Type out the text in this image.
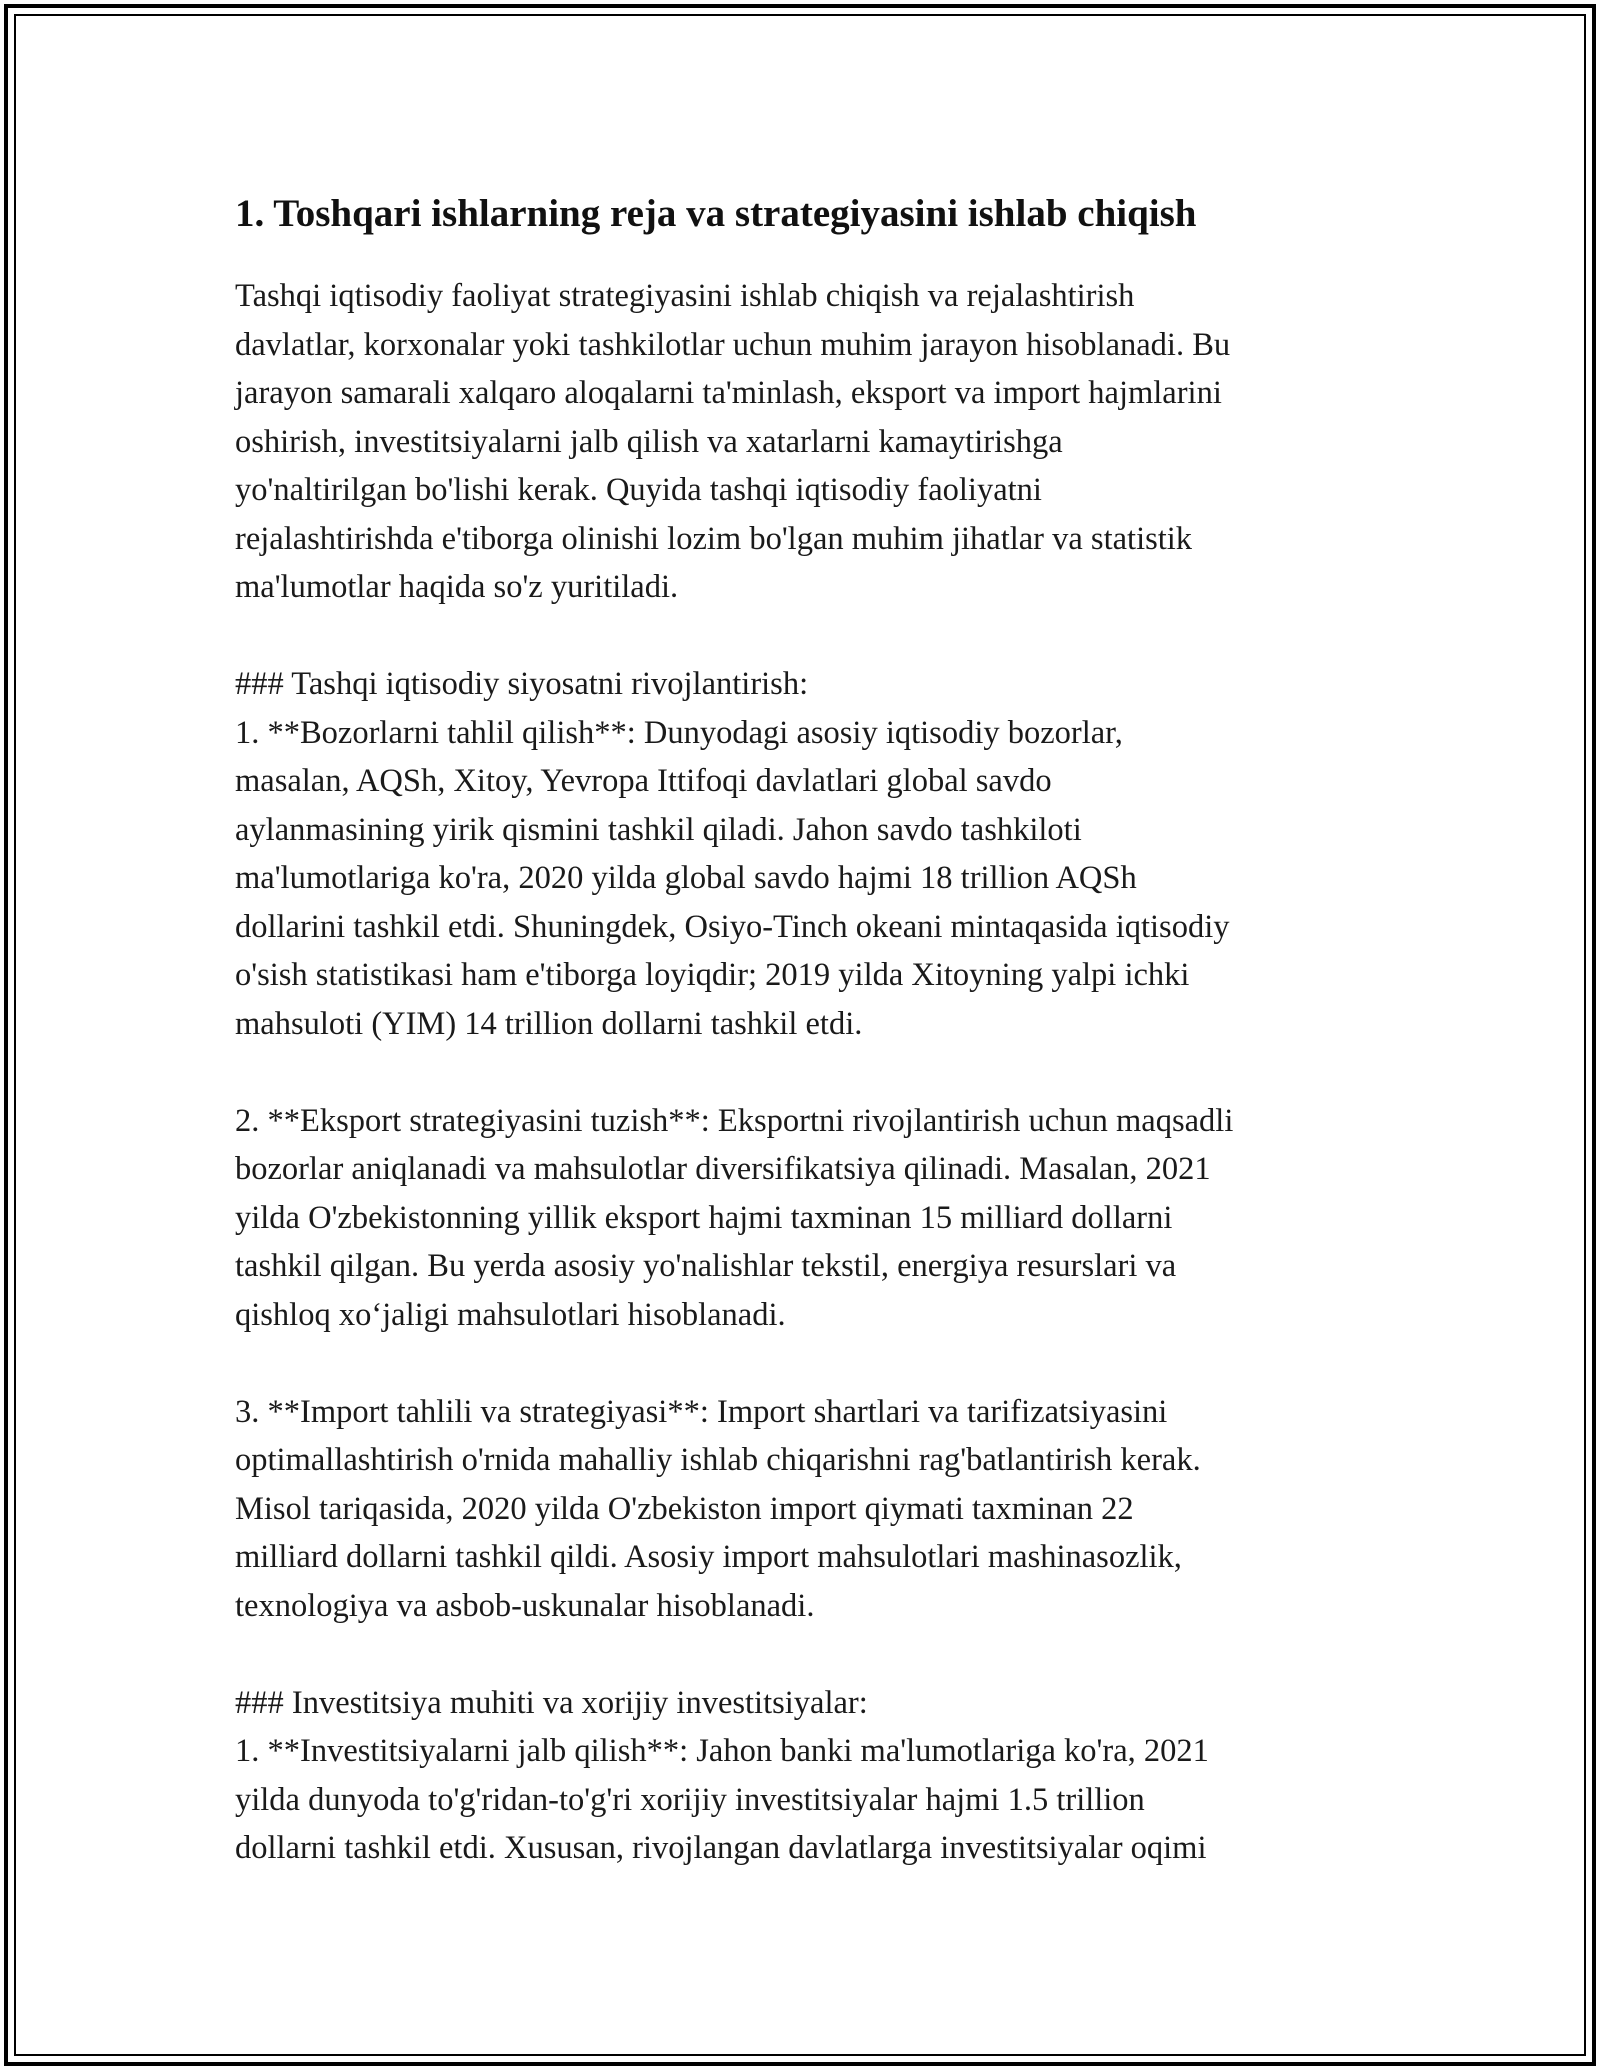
1. Toshqari ishlarning reja va strategiyasini ishlab chiqish

Tashqi iqtisodiy faoliyat strategiyasini ishlab chiqish va rejalashtirish
davlatlar, korxonalar yoki tashkilotlar uchun muhim jarayon hisoblanadi. Bu
jarayon samarali xalqaro aloqalarni ta'minlash, eksport va import hajmlarini
oshirish, investitsiyalarni jalb qilish va xatarlarni kamaytirishga
yo'naltirilgan bo'lishi kerak. Quyida tashqi iqtisodiy faoliyatni
rejalashtirishda e'tiborga olinishi lozim bo'lgan muhim jihatlar va statistik
ma'lumotlar haqida so'z yuritiladi.

### Tashqi iqtisodiy siyosatni rivojlantirish:
1. **Bozorlarni tahlil qilish**: Dunyodagi asosiy iqtisodiy bozorlar,
masalan, AQSh, Xitoy, Yevropa Ittifoqi davlatlari global savdo
aylanmasining yirik qismini tashkil qiladi. Jahon savdo tashkiloti
ma'lumotlariga ko'ra, 2020 yilda global savdo hajmi 18 trillion AQSh
dollarini tashkil etdi. Shuningdek, Osiyo-Tinch okeani mintaqasida iqtisodiy
o'sish statistikasi ham e'tiborga loyiqdir; 2019 yilda Xitoyning yalpi ichki
mahsuloti (YIM) 14 trillion dollarni tashkil etdi.

2. **Eksport strategiyasini tuzish**: Eksportni rivojlantirish uchun maqsadli
bozorlar aniqlanadi va mahsulotlar diversifikatsiya qilinadi. Masalan, 2021
yilda O'zbekistonning yillik eksport hajmi taxminan 15 milliard dollarni
tashkil qilgan. Bu yerda asosiy yo'nalishlar tekstil, energiya resurslari va
qishloq xo‘jaligi mahsulotlari hisoblanadi.

3. **Import tahlili va strategiyasi**: Import shartlari va tarifizatsiyasini
optimallashtirish o'rnida mahalliy ishlab chiqarishni rag'batlantirish kerak.
Misol tariqasida, 2020 yilda O'zbekiston import qiymati taxminan 22
milliard dollarni tashkil qildi. Asosiy import mahsulotlari mashinasozlik,
texnologiya va asbob-uskunalar hisoblanadi.

### Investitsiya muhiti va xorijiy investitsiyalar:
1. **Investitsiyalarni jalb qilish**: Jahon banki ma'lumotlariga ko'ra, 2021
yilda dunyoda to'g'ridan-to'g'ri xorijiy investitsiyalar hajmi 1.5 trillion
dollarni tashkil etdi. Xususan, rivojlangan davlatlarga investitsiyalar oqimi
